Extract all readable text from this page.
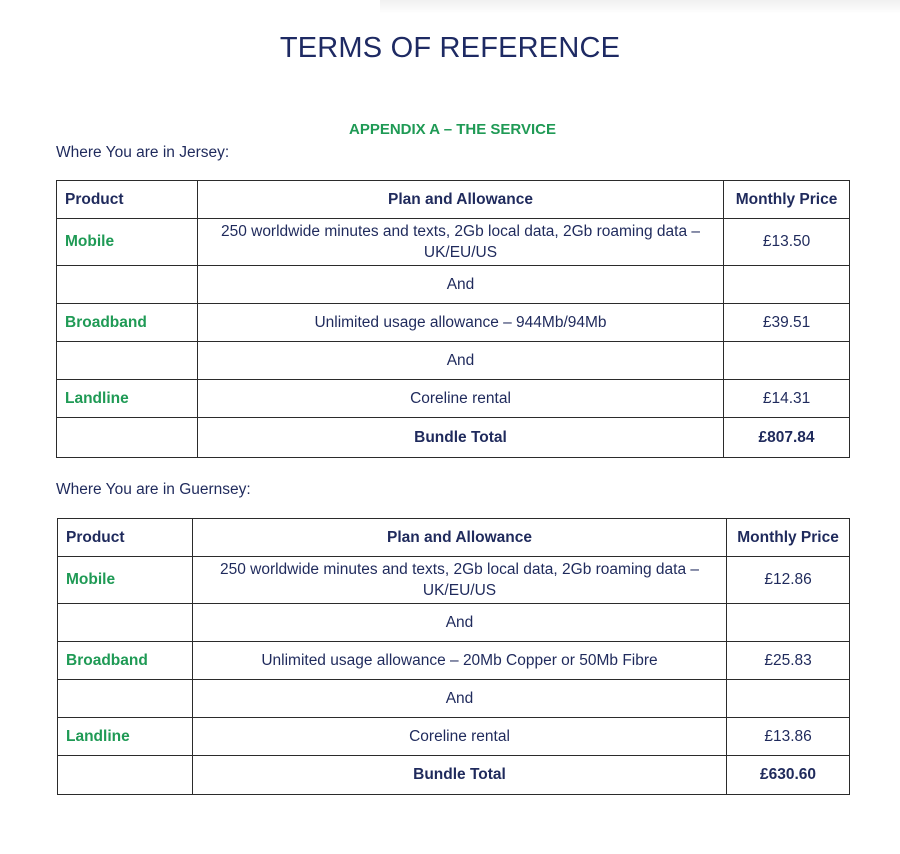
TERMS OF REFERENCE
APPENDIX A – THE SERVICE
Where You are in Jersey:
Product	Plan and Allowance	Monthly Price
Mobile	250 worldwide minutes and texts, 2Gb local data, 2Gb roaming data – UK/EU/US	£13.50
	And	
Broadband	Unlimited usage allowance – 944Mb/94Mb	£39.51
	And	
Landline	Coreline rental	£14.31
	Bundle Total	£807.84
Where You are in Guernsey:
Product	Plan and Allowance	Monthly Price
Mobile	250 worldwide minutes and texts, 2Gb local data, 2Gb roaming data – UK/EU/US	£12.86
	And	
Broadband	Unlimited usage allowance – 20Mb Copper or 50Mb Fibre	£25.83
	And	
Landline	Coreline rental	£13.86
	Bundle Total	£630.60
